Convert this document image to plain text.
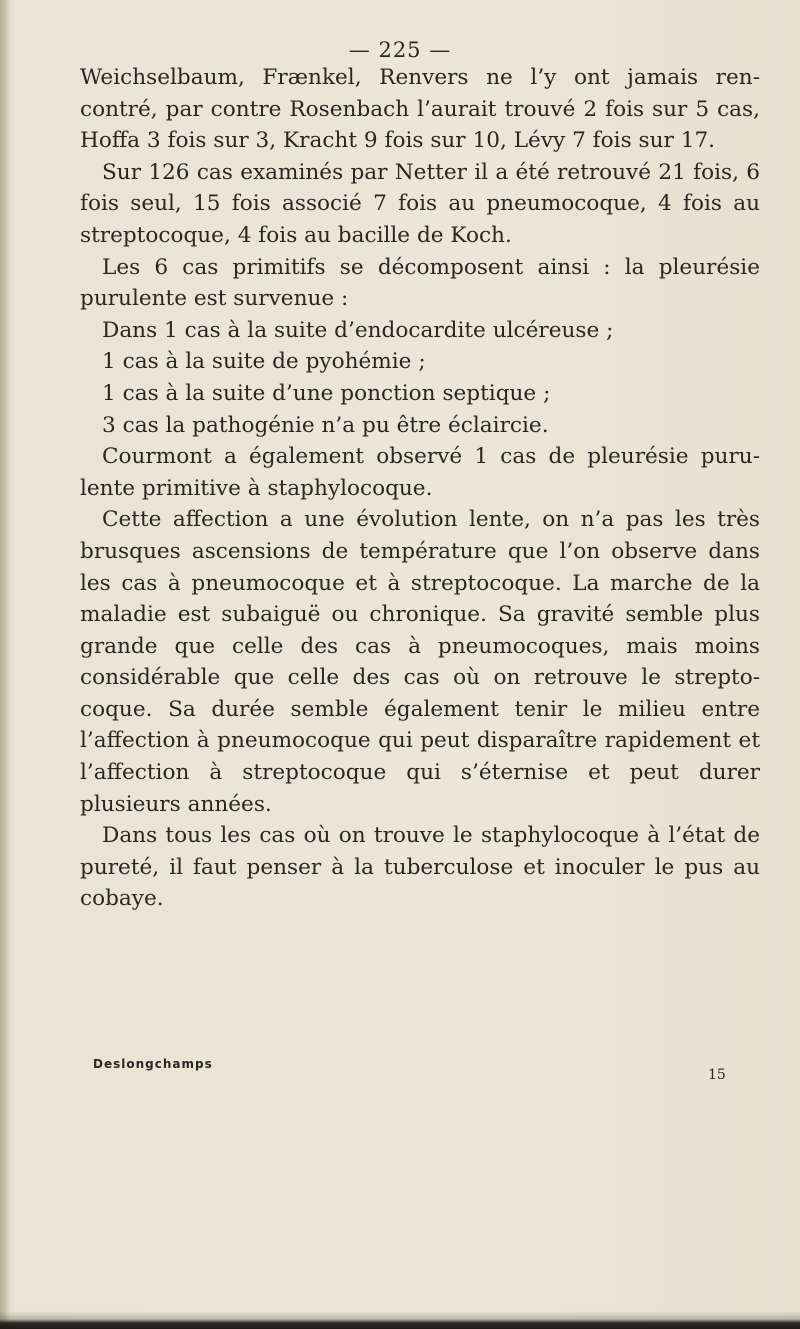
— 225 —

Weichselbaum, Frænkel, Renvers ne l’y ont jamais ren-contré, par contre Rosenbach l’aurait trouvé 2 fois sur 5 cas, Hoffa 3 fois sur 3, Kracht 9 fois sur 10, Lévy 7 fois sur 17.

Sur 126 cas examinés par Netter il a été retrouvé 21 fois, 6 fois seul, 15 fois associé 7 fois au pneumocoque, 4 fois au streptocoque, 4 fois au bacille de Koch.

Les 6 cas primitifs se décomposent ainsi : la pleurésie purulente est survenue :

Dans 1 cas à la suite d’endocardite ulcéreuse ;

1 cas à la suite de pyohémie ;

1 cas à la suite d’une ponction septique ;

3 cas la pathogénie n’a pu être éclaircie.

Courmont a également observé 1 cas de pleurésie puru-lente primitive à staphylocoque.

Cette affection a une évolution lente, on n’a pas les très brusques ascensions de température que l’on observe dans les cas à pneumocoque et à streptocoque. La marche de la maladie est subaiguë ou chronique. Sa gravité semble plus grande que celle des cas à pneumocoques, mais moins considérable que celle des cas où on retrouve le strepto-coque. Sa durée semble également tenir le milieu entre l’affection à pneumocoque qui peut disparaître rapidement et l’affection à streptocoque qui s’éternise et peut durer plusieurs années.

Dans tous les cas où on trouve le staphylocoque à l’état de pureté, il faut penser à la tuberculose et inoculer le pus au cobaye.

Deslongchamps
15
